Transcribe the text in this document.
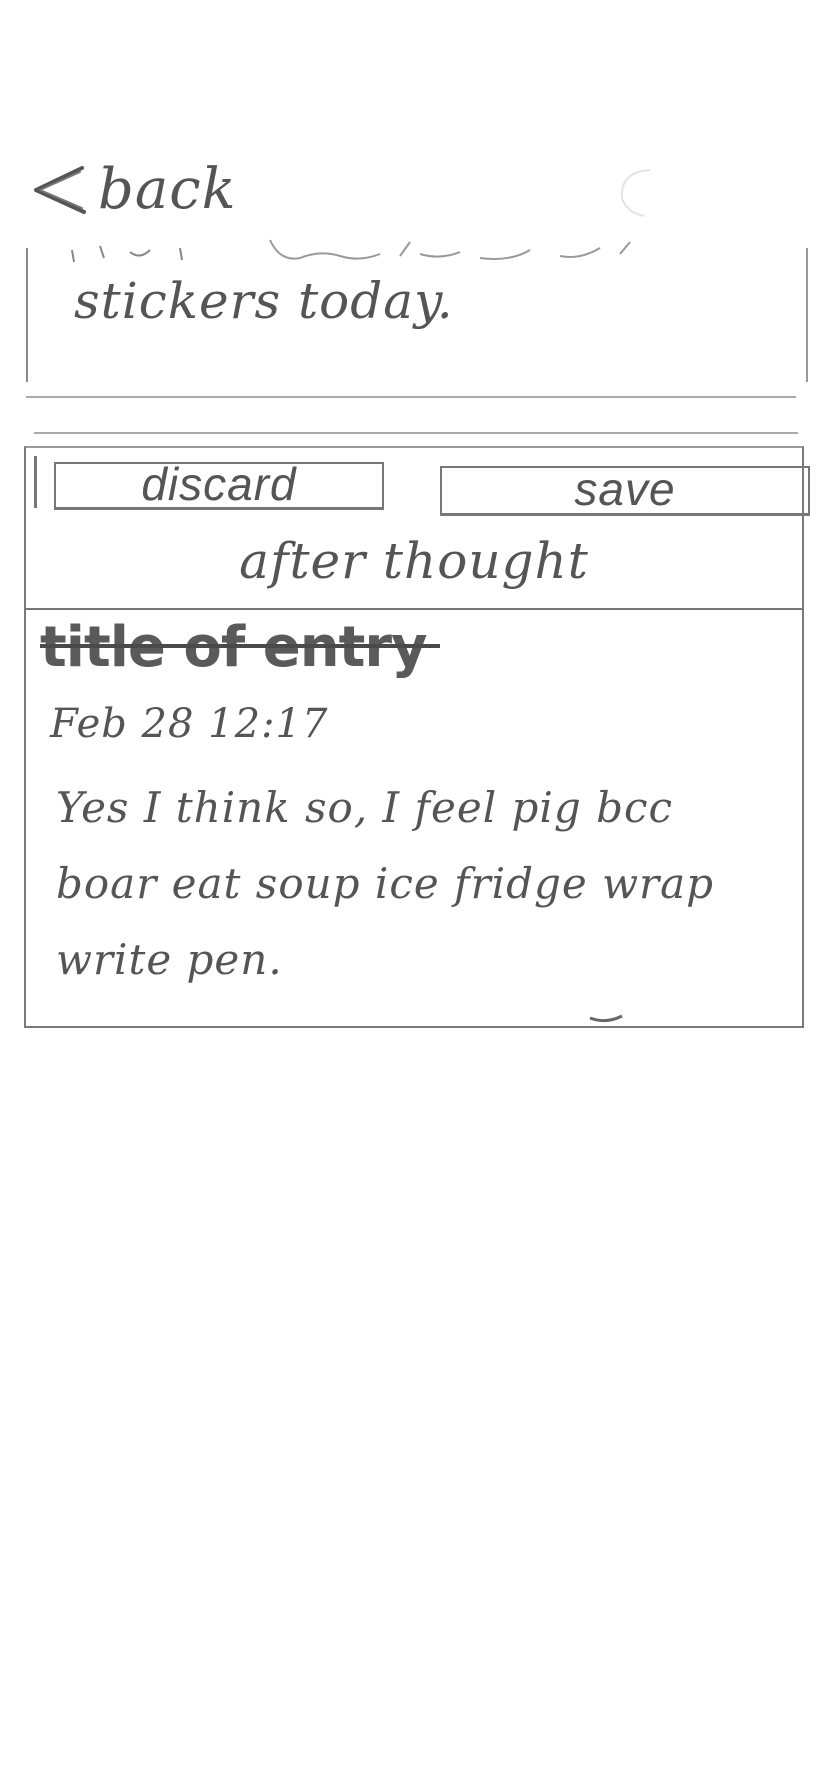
back

stickers today.

discard	save
after thought
title of entry

Feb 28 12:17

Yes I think so, I feel pig bcc boar eat soup ice fridge wrap write pen.
